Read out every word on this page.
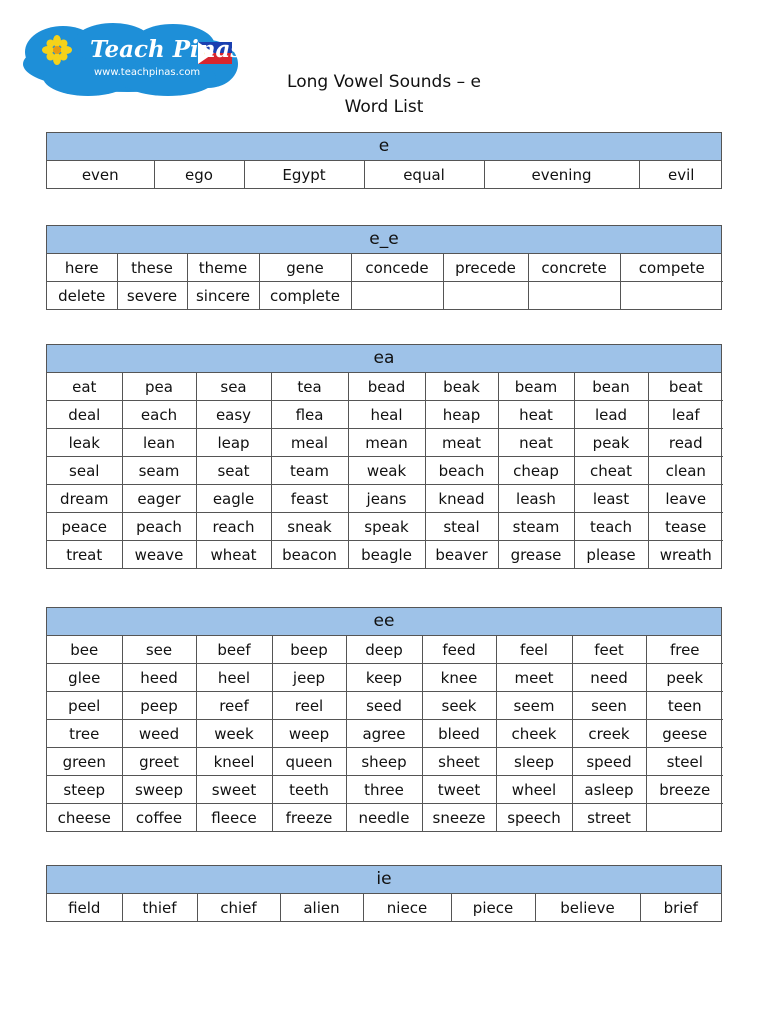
Teach Pinas
www.teachpinas.com	Long Vowel Sounds – e
Word List
e
even	ego	Egypt	equal	evening	evil
e_e
here	these	theme	gene	concede	precede	concrete	compete
delete	severe	sincere	complete				
ea
eat	pea	sea	tea	bead	beak	beam	bean	beat
deal	each	easy	flea	heal	heap	heat	lead	leaf
leak	lean	leap	meal	mean	meat	neat	peak	read
seal	seam	seat	team	weak	beach	cheap	cheat	clean
dream	eager	eagle	feast	jeans	knead	leash	least	leave
peace	peach	reach	sneak	speak	steal	steam	teach	tease
treat	weave	wheat	beacon	beagle	beaver	grease	please	wreath
ee
bee	see	beef	beep	deep	feed	feel	feet	free
glee	heed	heel	jeep	keep	knee	meet	need	peek
peel	peep	reef	reel	seed	seek	seem	seen	teen
tree	weed	week	weep	agree	bleed	cheek	creek	geese
green	greet	kneel	queen	sheep	sheet	sleep	speed	steel
steep	sweep	sweet	teeth	three	tweet	wheel	asleep	breeze
cheese	coffee	fleece	freeze	needle	sneeze	speech	street	
ie
field	thief	chief	alien	niece	piece	believe	brief
